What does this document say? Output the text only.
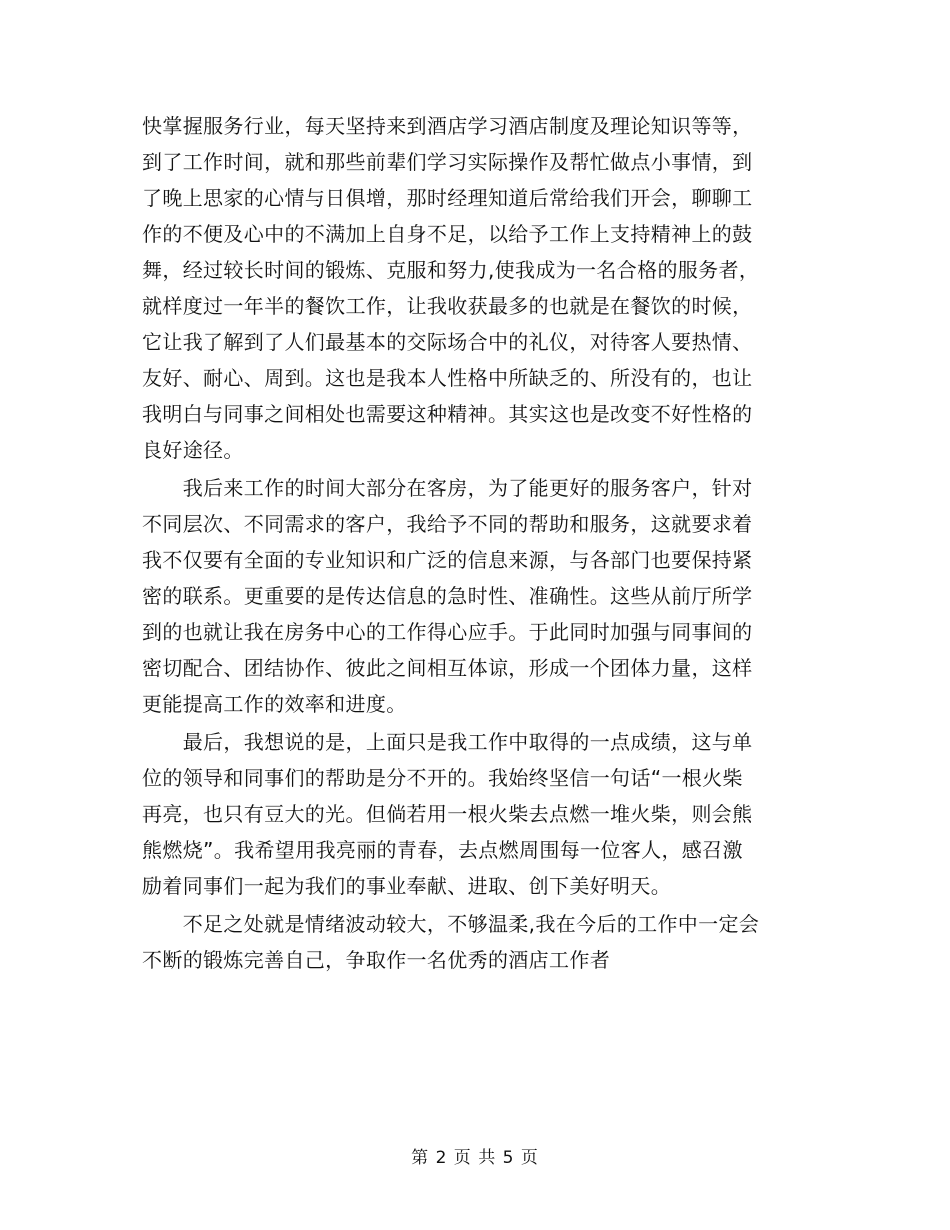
快掌握服务行业，每天坚持来到酒店学习酒店制度及理论知识等等，
到了工作时间，就和那些前辈们学习实际操作及帮忙做点小事情，到
了晚上思家的心情与日俱增，那时经理知道后常给我们开会，聊聊工
作的不便及心中的不满加上自身不足，以给予工作上支持精神上的鼓
舞，经过较长时间的锻炼、克服和努力,使我成为一名合格的服务者，
就样度过一年半的餐饮工作，让我收获最多的也就是在餐饮的时候，
它让我了解到了人们最基本的交际场合中的礼仪，对待客人要热情、
友好、耐心、周到。这也是我本人性格中所缺乏的、所没有的，也让
我明白与同事之间相处也需要这种精神。其实这也是改变不好性格的
良好途径。
　　我后来工作的时间大部分在客房，为了能更好的服务客户，针对
不同层次、不同需求的客户，我给予不同的帮助和服务，这就要求着
我不仅要有全面的专业知识和广泛的信息来源，与各部门也要保持紧
密的联系。更重要的是传达信息的急时性、准确性。这些从前厅所学
到的也就让我在房务中心的工作得心应手。于此同时加强与同事间的
密切配合、团结协作、彼此之间相互体谅，形成一个团体力量，这样
更能提高工作的效率和进度。
　　最后，我想说的是，上面只是我工作中取得的一点成绩，这与单
位的领导和同事们的帮助是分不开的。我始终坚信一句话“一根火柴
再亮，也只有豆大的光。但倘若用一根火柴去点燃一堆火柴，则会熊
熊燃烧”。我希望用我亮丽的青春，去点燃周围每一位客人，感召激
励着同事们一起为我们的事业奉献、进取、创下美好明天。
　　不足之处就是情绪波动较大，不够温柔,我在今后的工作中一定会
不断的锻炼完善自己，争取作一名优秀的酒店工作者
第 2 页 共 5 页
